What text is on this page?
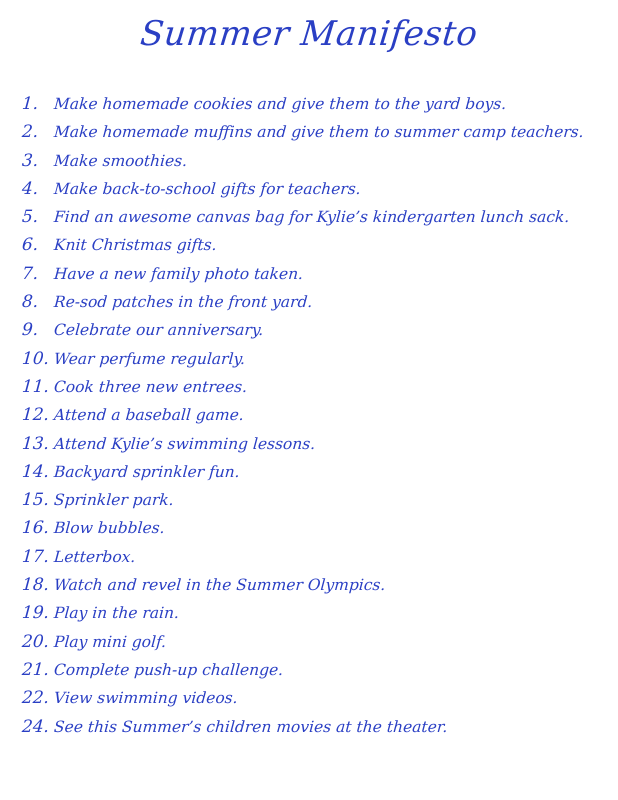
Summer Manifesto
1. Make homemade cookies and give them to the yard boys.
2. Make homemade muffins and give them to summer camp teachers.
3. Make smoothies.
4. Make back-to-school gifts for teachers.
5. Find an awesome canvas bag for Kylie’s kindergarten lunch sack.
6. Knit Christmas gifts.
7. Have a new family photo taken.
8. Re-sod patches in the front yard.
9. Celebrate our anniversary.
10. Wear perfume regularly.
11. Cook three new entrees.
12. Attend a baseball game.
13. Attend Kylie’s swimming lessons.
14. Backyard sprinkler fun.
15. Sprinkler park.
16. Blow bubbles.
17. Letterbox.
18. Watch and revel in the Summer Olympics.
19. Play in the rain.
20. Play mini golf.
21. Complete push-up challenge.
22. View swimming videos.
24. See this Summer’s children movies at the theater.
